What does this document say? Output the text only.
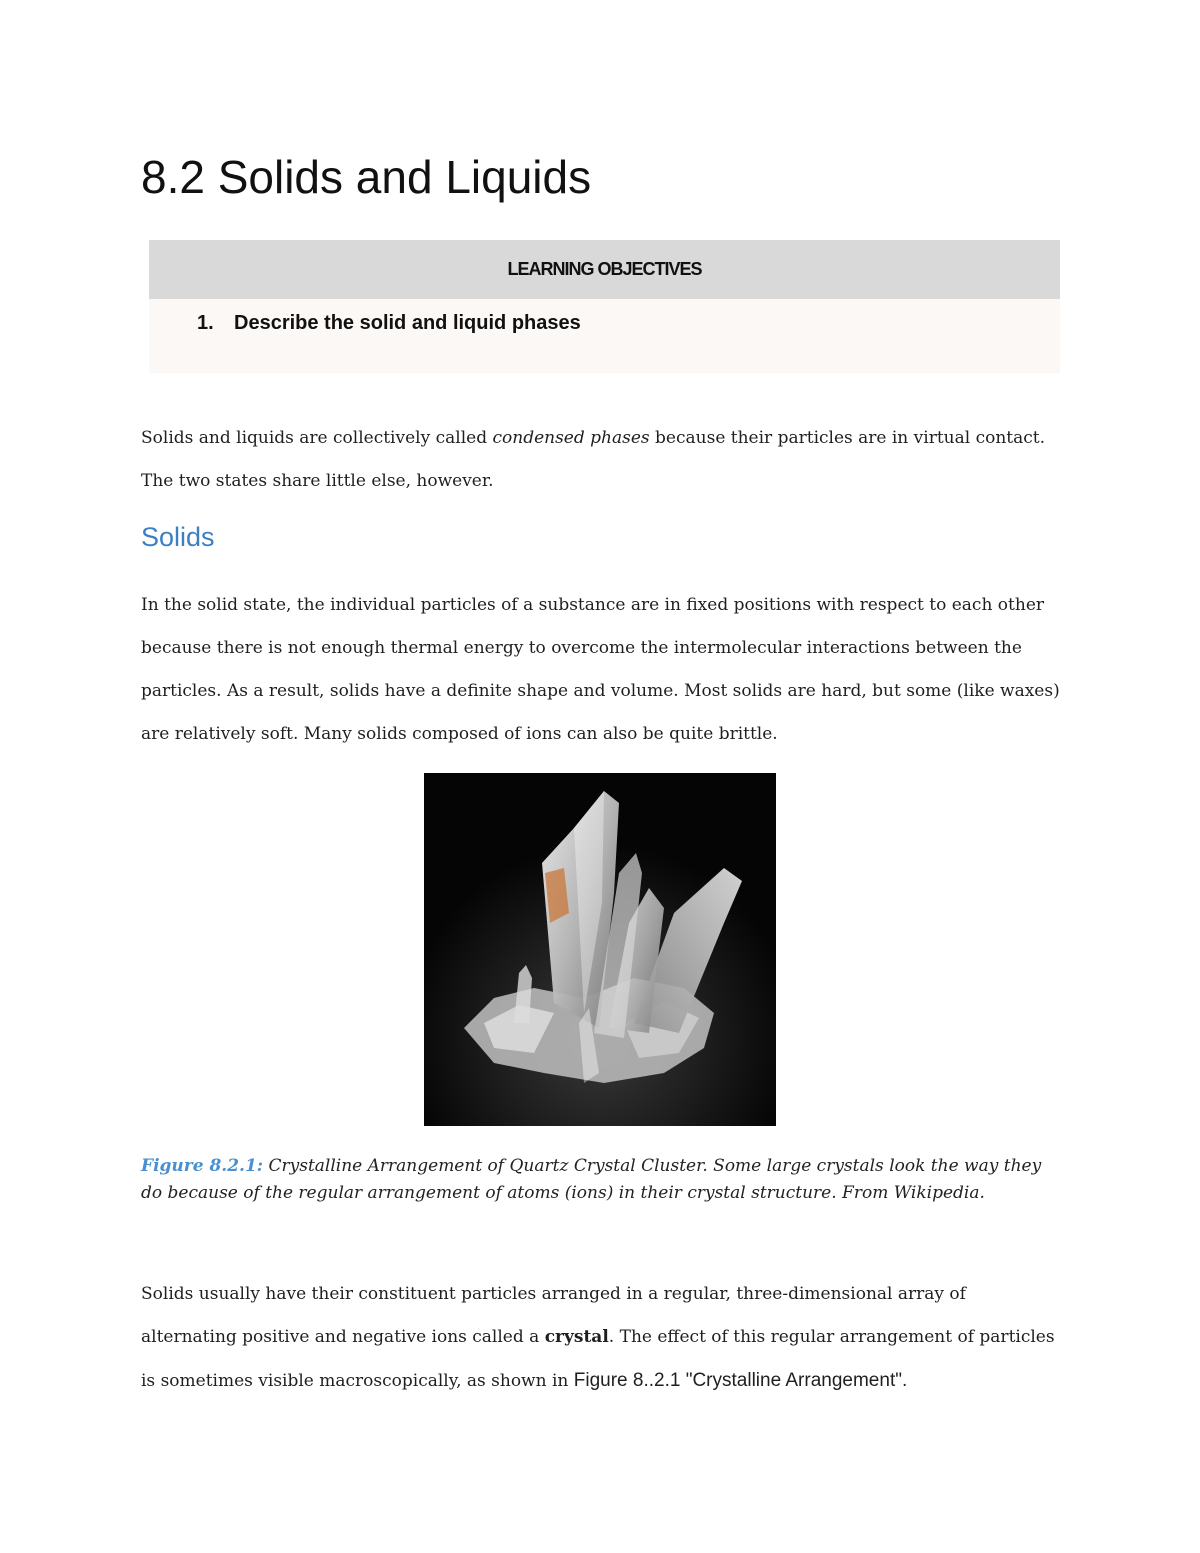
8.2 Solids and Liquids
LEARNING OBJECTIVES
1. Describe the solid and liquid phases

Solids and liquids are collectively called condensed phases because their particles are in virtual contact. The two states share little else, however.

Solids

In the solid state, the individual particles of a substance are in fixed positions with respect to each other because there is not enough thermal energy to overcome the intermolecular interactions between the particles. As a result, solids have a definite shape and volume. Most solids are hard, but some (like waxes) are relatively soft. Many solids composed of ions can also be quite brittle.

Figure 8.2.1: Crystalline Arrangement of Quartz Crystal Cluster. Some large crystals look the way they do because of the regular arrangement of atoms (ions) in their crystal structure. From Wikipedia.

Solids usually have their constituent particles arranged in a regular, three-dimensional array of alternating positive and negative ions called a crystal. The effect of this regular arrangement of particles is sometimes visible macroscopically, as shown in Figure 8..2.1 "Crystalline Arrangement".
